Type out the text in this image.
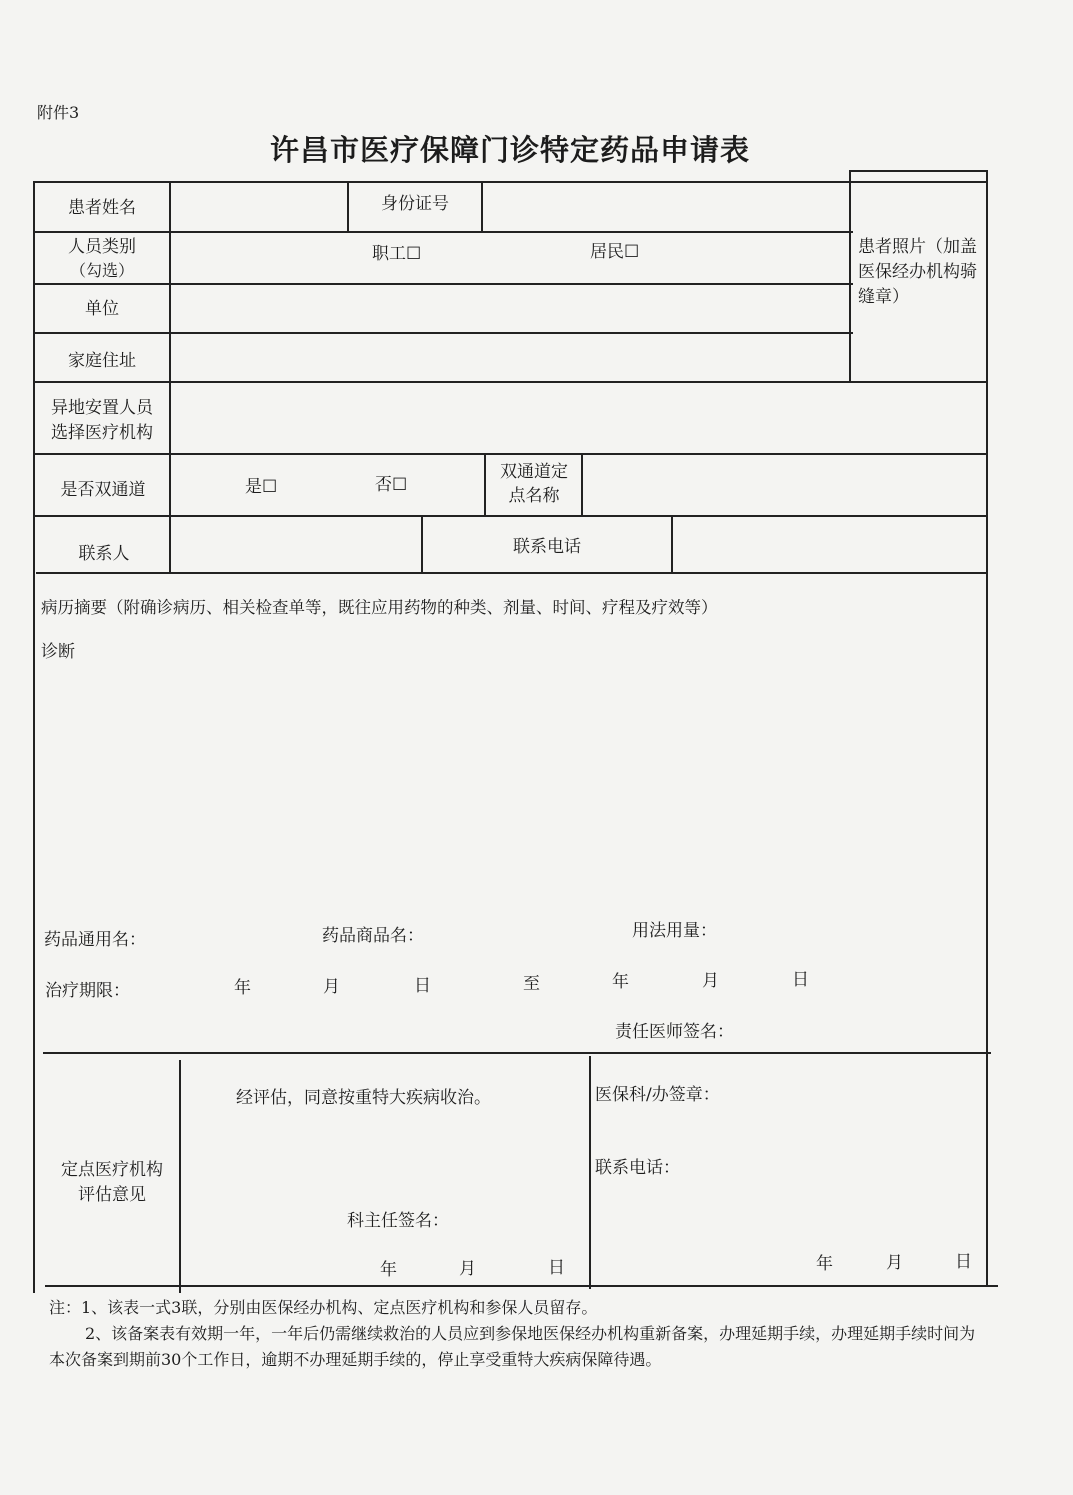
附件3
许昌市医疗保障门诊特定药品申请表
患者姓名	身份证号
患者照片（加盖医保经办机构骑缝章）
人员类别
（勾选）
职工☐	居民☐
单位
家庭住址
异地安置人员
选择医疗机构
是否双通道	是☐	否☐
双通道定
点名称
联系人	联系电话
病历摘要（附确诊病历、相关检查单等，既往应用药物的种类、剂量、时间、疗程及疗效等）
诊断
药品通用名：	药品商品名：	用法用量：
治疗期限：	年	月	日	至	年	月	日
责任医师签名：
定点医疗机构
评估意见
经评估，同意按重特大疾病收治。
科主任签名：
年	月	日
医保科/办签章：
联系电话：
年	月	日
注：1、该表一式3联，分别由医保经办机构、定点医疗机构和参保人员留存。
2、该备案表有效期一年，一年后仍需继续救治的人员应到参保地医保经办机构重新备案，办理延期手续，办理延期手续时间为本次备案到期前30个工作日，逾期不办理延期手续的，停止享受重特大疾病保障待遇。
